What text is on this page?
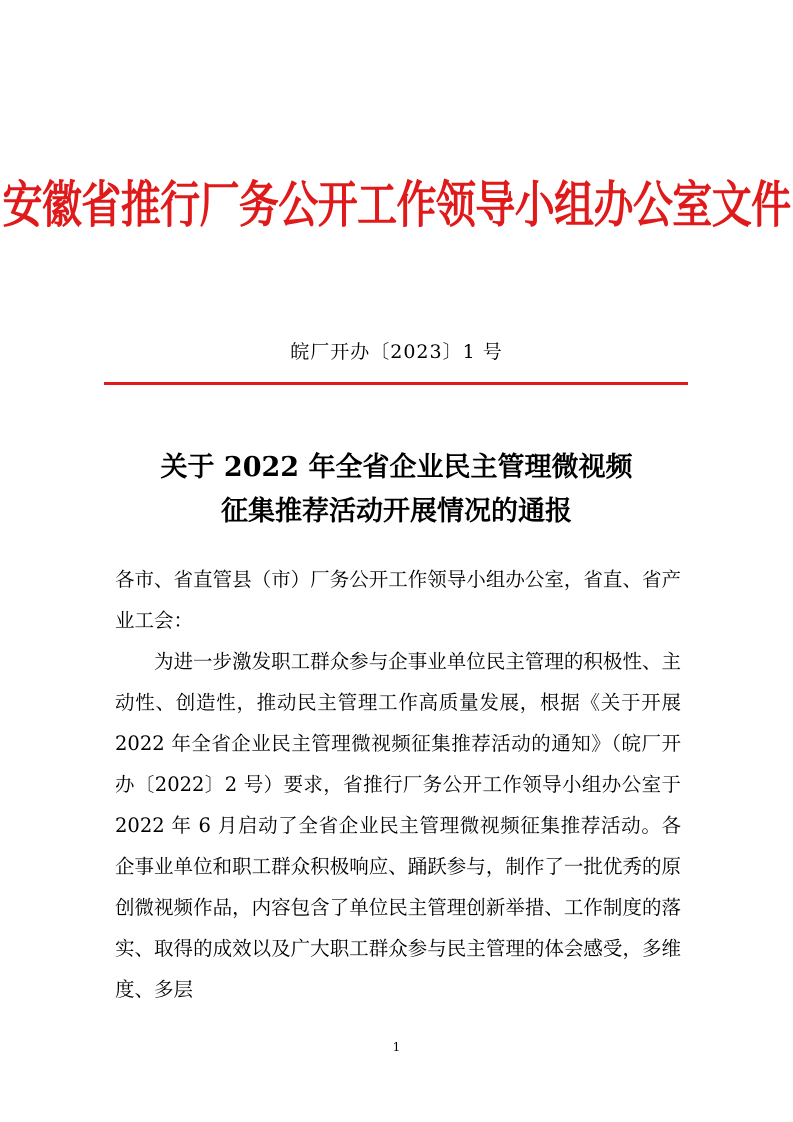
安徽省推行厂务公开工作领导小组办公室文件
皖厂开办〔2023〕1 号
关于 2022 年全省企业民主管理微视频
征集推荐活动开展情况的通报

各市、省直管县（市）厂务公开工作领导小组办公室，省直、省产业工会：

为进一步激发职工群众参与企事业单位民主管理的积极性、主动性、创造性，推动民主管理工作高质量发展，根据《关于开展 2022 年全省企业民主管理微视频征集推荐活动的通知》（皖厂开办〔2022〕2 号）要求，省推行厂务公开工作领导小组办公室于 2022 年 6 月启动了全省企业民主管理微视频征集推荐活动。各企事业单位和职工群众积极响应、踊跃参与，制作了一批优秀的原创微视频作品，内容包含了单位民主管理创新举措、工作制度的落实、取得的成效以及广大职工群众参与民主管理的体会感受，多维度、多层

1
